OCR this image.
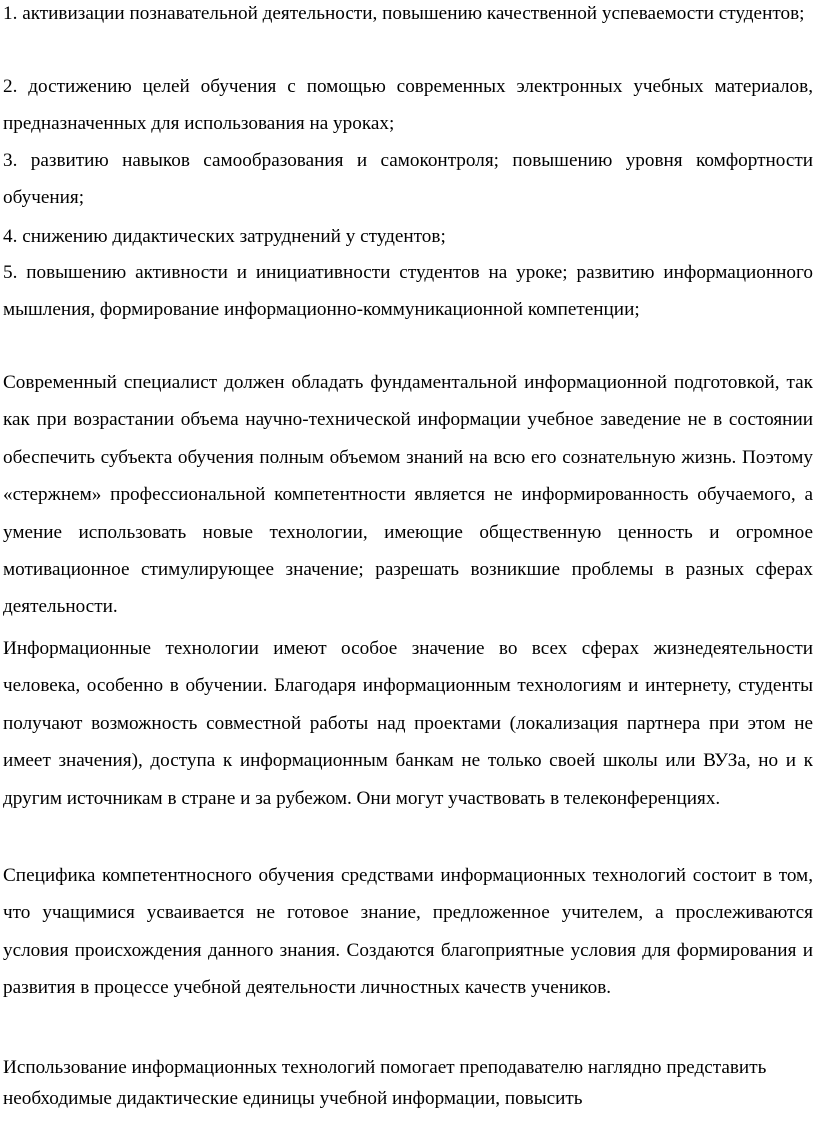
1. активизации познавательной деятельности, повышению качественной успеваемости студентов;

2. достижению целей обучения с помощью современных электронных учебных материалов, предназначенных для использования на уроках;

3. развитию навыков самообразования и самоконтроля; повышению уровня комфортности обучения;

4. снижению дидактических затруднений у студентов;

5. повышению активности и инициативности студентов на уроке; развитию информационного мышления, формирование информационно-коммуникационной компетенции;

Современный специалист должен обладать фундаментальной информационной подготовкой, так как при возрастании объема научно-технической информации учебное заведение не в состоянии обеспечить субъекта обучения полным объемом знаний на всю его сознательную жизнь. Поэтому «стержнем» профессиональной компетентности является не информированность обучаемого, а умение использовать новые технологии, имеющие общественную ценность и огромное мотивационное стимулирующее значение; разрешать возникшие проблемы в разных сферах деятельности.

Информационные технологии имеют особое значение во всех сферах жизнедеятельности человека, особенно в обучении. Благодаря информационным технологиям и интернету, студенты получают возможность совместной работы над проектами (локализация партнера при этом не имеет значения), доступа к информационным банкам не только своей школы или ВУЗа, но и к другим источникам в стране и за рубежом. Они могут участвовать в телеконференциях.

Специфика компетентносного обучения средствами информационных технологий состоит в том, что учащимися усваивается не готовое знание, предложенное учителем, а прослеживаются условия происхождения данного знания. Создаются благоприятные условия для формирования и развития в процессе учебной деятельности личностных качеств учеников.

Использование информационных технологий помогает преподавателю наглядно представить необходимые дидактические единицы учебной информации, повысить
